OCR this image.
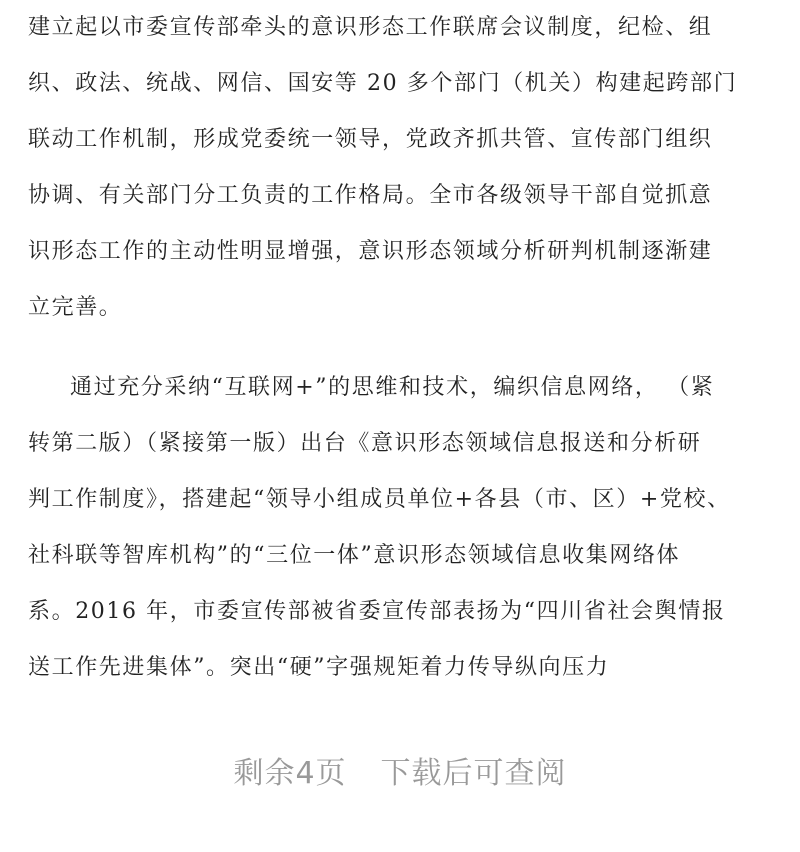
建立起以市委宣传部牵头的意识形态工作联席会议制度，纪检、组
织、政法、统战、网信、国安等 20 多个部门（机关）构建起跨部门
联动工作机制，形成党委统一领导，党政齐抓共管、宣传部门组织
协调、有关部门分工负责的工作格局。全市各级领导干部自觉抓意
识形态工作的主动性明显增强，意识形态领域分析研判机制逐渐建
立完善。
通过充分采纳“互联网+”的思维和技术，编织信息网络， （紧
转第二版）（紧接第一版）出台《意识形态领域信息报送和分析研
判工作制度》，搭建起“领导小组成员单位+各县（市、区）+党校、
社科联等智库机构”的“三位一体”意识形态领域信息收集网络体
系。2016 年，市委宣传部被省委宣传部表扬为“四川省社会舆情报
送工作先进集体”。突出“硬”字强规矩着力传导纵向压力
剩余4页 下载后可查阅
